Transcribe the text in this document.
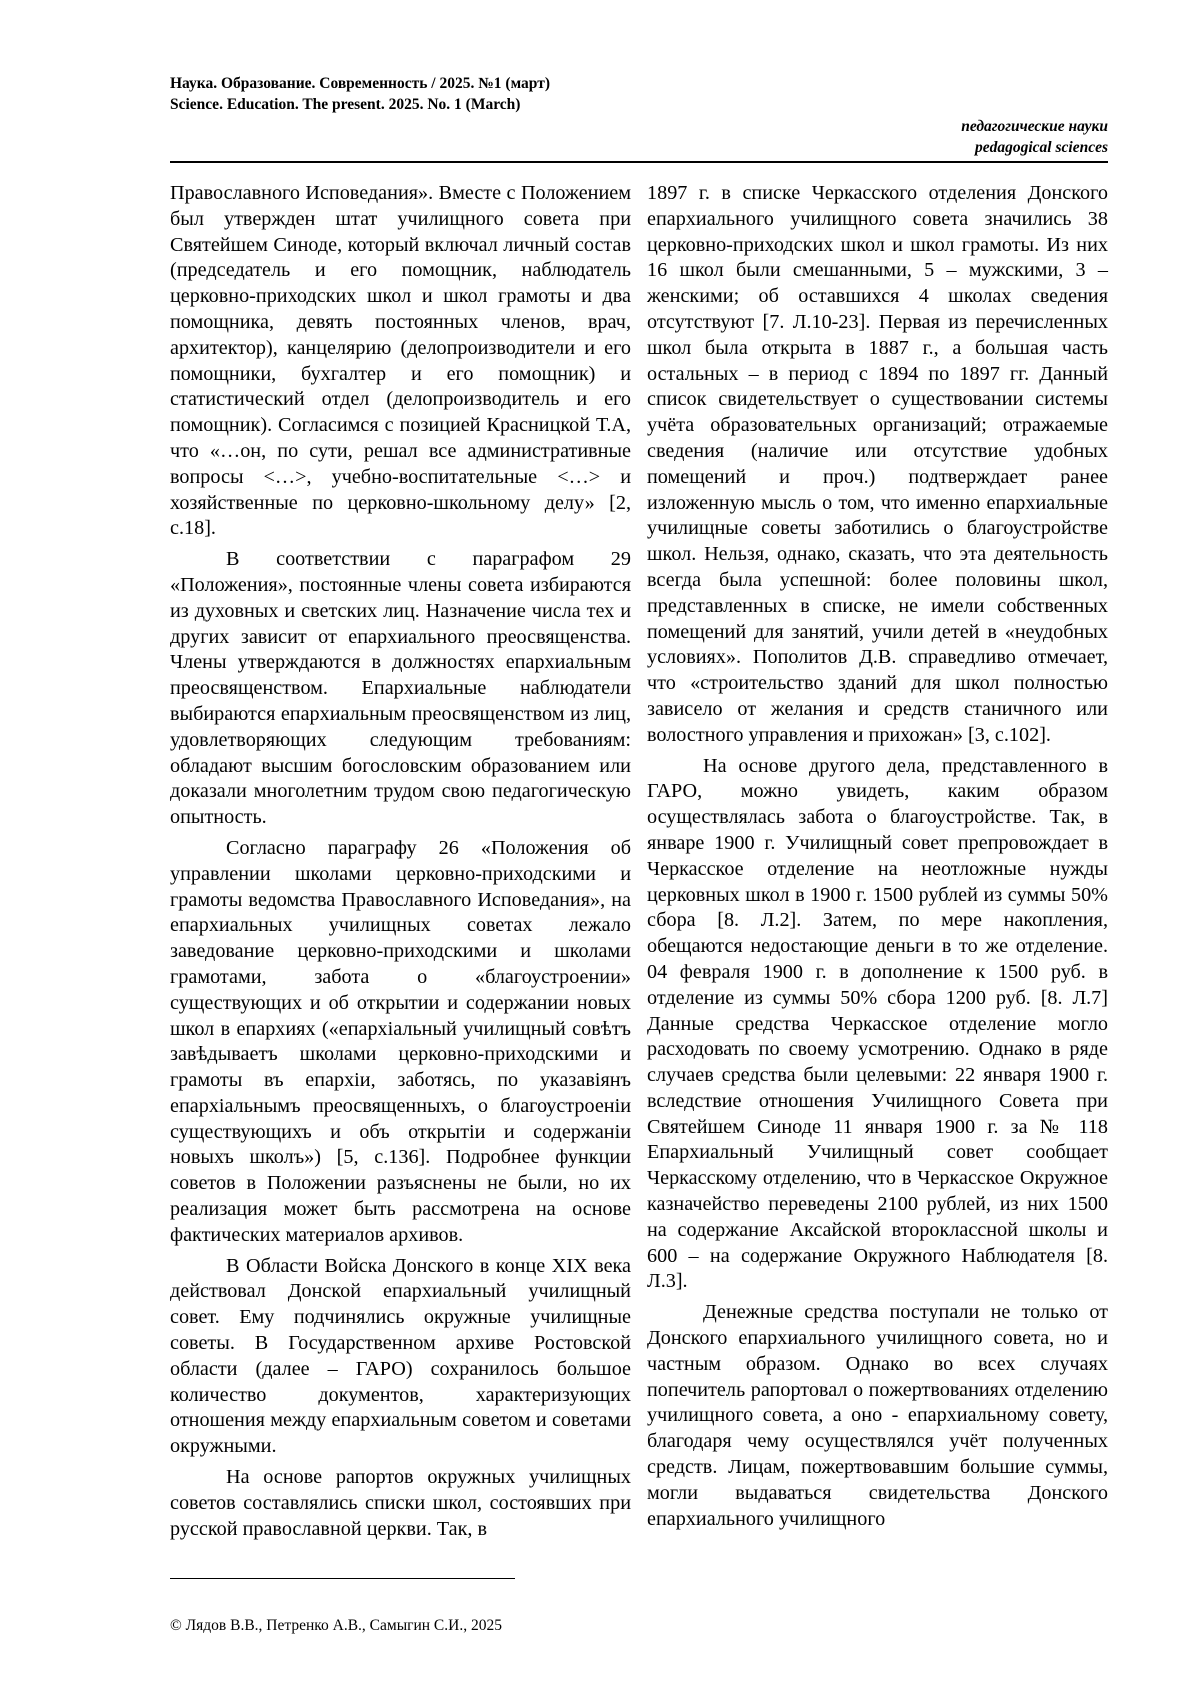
Наука. Образование. Современность / 2025. №1 (март)
Science. Education. The present. 2025. No. 1 (March)
педагогические науки
pedagogical sciences

Православного Исповедания». Вместе с Положением был утвержден штат училищного совета при Святейшем Синоде, который включал личный состав (председатель и его помощник, наблюдатель церковно-приходских школ и школ грамоты и два помощника, девять постоянных членов, врач, архитектор), канцелярию (делопроизводители и его помощники, бухгалтер и его помощник) и статистический отдел (делопроизводитель и его помощник). Согласимся с позицией Красницкой Т.А, что «…он, по сути, решал все административные вопросы <…>, учебно-воспитательные <…> и хозяйственные по церковно-школьному делу» [2, с.18].

В соответствии с параграфом 29 «Положения», постоянные члены совета избираются из духовных и светских лиц. Назначение числа тех и других зависит от епархиального преосвященства. Члены утверждаются в должностях епархиальным преосвященством. Епархиальные наблюдатели выбираются епархиальным преосвященством из лиц, удовлетворяющих следующим требованиям: обладают высшим богословским образованием или доказали многолетним трудом свою педагогическую опытность.

Согласно параграфу 26 «Положения об управлении школами церковно-приходскими и грамоты ведомства Православного Исповедания», на епархиальных училищных советах лежало заведование церковно-приходскими и школами грамотами, забота о «благоустроении» существующих и об открытии и содержании новых школ в епархиях («епархіальный училищный совѣтъ завѣдываетъ школами церковно-приходскими и грамоты въ епархіи, заботясь, по указавіянъ епархіальнымъ преосвященныхъ, о благоустроеніи существующихъ и объ открытіи и содержаніи новыхъ школъ») [5, с.136]. Подробнее функции советов в Положении разъяснены не были, но их реализация может быть рассмотрена на основе фактических материалов архивов.

В Области Войска Донского в конце XIX века действовал Донской епархиальный училищный совет. Ему подчинялись окружные училищные советы. В Государственном архиве Ростовской области (далее – ГАРО) сохранилось большое количество документов, характеризующих отношения между епархиальным советом и советами окружными.

На основе рапортов окружных училищных советов составлялись списки школ, состоявших при русской православной церкви. Так, в

1897 г. в списке Черкасского отделения Донского епархиального училищного совета значились 38 церковно-приходских школ и школ грамоты. Из них 16 школ были смешанными, 5 – мужскими, 3 – женскими; об оставшихся 4 школах сведения отсутствуют [7. Л.10-23]. Первая из перечисленных школ была открыта в 1887 г., а большая часть остальных – в период с 1894 по 1897 гг. Данный список свидетельствует о существовании системы учёта образовательных организаций; отражаемые сведения (наличие или отсутствие удобных помещений и проч.) подтверждает ранее изложенную мысль о том, что именно епархиальные училищные советы заботились о благоустройстве школ. Нельзя, однако, сказать, что эта деятельность всегда была успешной: более половины школ, представленных в списке, не имели собственных помещений для занятий, учили детей в «неудобных условиях». Пополитов Д.В. справедливо отмечает, что «строительство зданий для школ полностью зависело от желания и средств станичного или волостного управления и прихожан» [3, с.102].

На основе другого дела, представленного в ГАРО, можно увидеть, каким образом осуществлялась забота о благоустройстве. Так, в январе 1900 г. Училищный совет препровождает в Черкасское отделение на неотложные нужды церковных школ в 1900 г. 1500 рублей из суммы 50% сбора [8. Л.2]. Затем, по мере накопления, обещаются недостающие деньги в то же отделение. 04 февраля 1900 г. в дополнение к 1500 руб. в отделение из суммы 50% сбора 1200 руб. [8. Л.7] Данные средства Черкасское отделение могло расходовать по своему усмотрению. Однако в ряде случаев средства были целевыми: 22 января 1900 г. вследствие отношения Училищного Совета при Святейшем Синоде 11 января 1900 г. за № 118 Епархиальный Училищный совет сообщает Черкасскому отделению, что в Черкасское Окружное казначейство переведены 2100 рублей, из них 1500 на содержание Аксайской второклассной школы и 600 – на содержание Окружного Наблюдателя [8. Л.3].

Денежные средства поступали не только от Донского епархиального училищного совета, но и частным образом. Однако во всех случаях попечитель рапортовал о пожертвованиях отделению училищного совета, а оно - епархиальному совету, благодаря чему осуществлялся учёт полученных средств. Лицам, пожертвовавшим большие суммы, могли выдаваться свидетельства Донского епархиального училищного

© Лядов В.В., Петренко А.В., Самыгин С.И., 2025
